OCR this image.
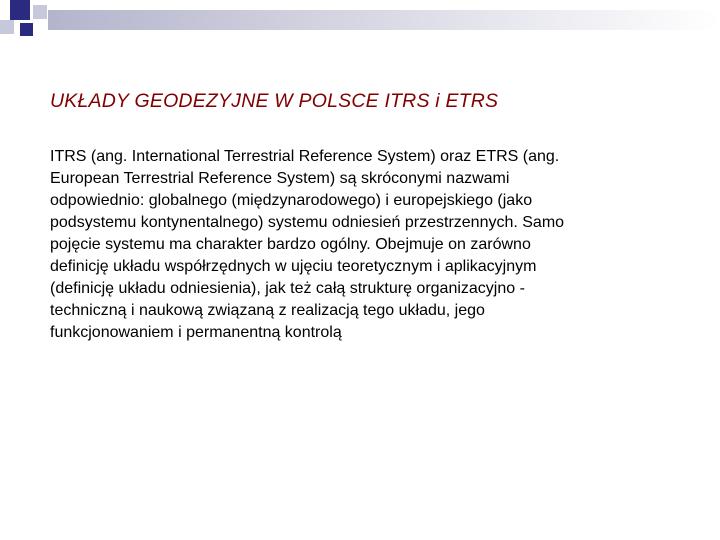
UKŁADY GEODEZYJNE W POLSCE ITRS i ETRS

ITRS (ang. International Terrestrial Reference System) oraz ETRS (ang.
European Terrestrial Reference System) są skróconymi nazwami
odpowiednio: globalnego (międzynarodowego) i europejskiego (jako
podsystemu kontynentalnego) systemu odniesień przestrzennych. Samo
pojęcie systemu ma charakter bardzo ogólny. Obejmuje on zarówno
definicję układu współrzędnych w ujęciu teoretycznym i aplikacyjnym
(definicję układu odniesienia), jak też całą strukturę organizacyjno -
techniczną i naukową związaną z realizacją tego układu, jego
funkcjonowaniem i permanentną kontrolą
